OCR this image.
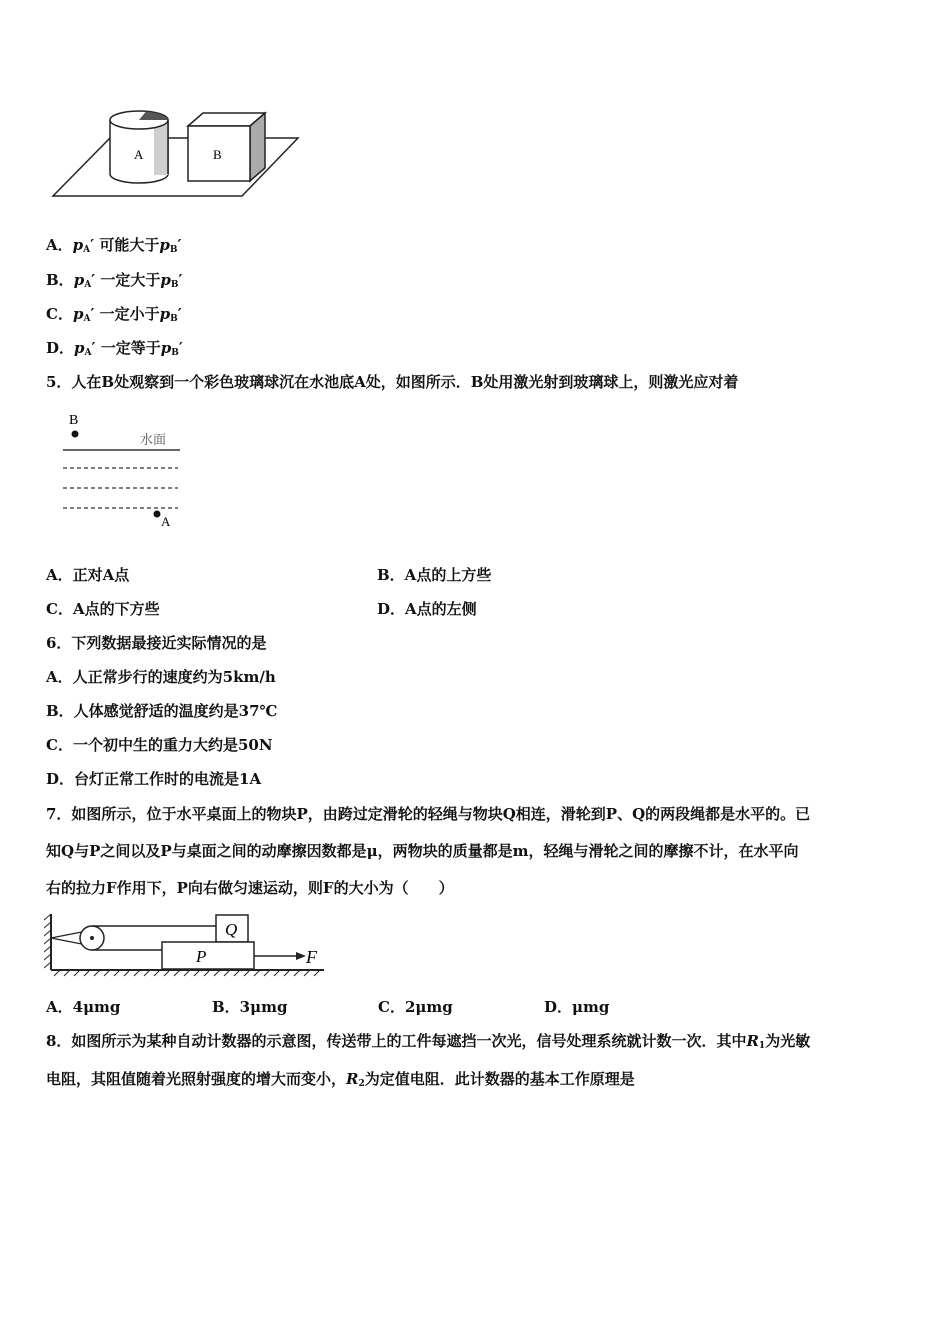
A	B
A．$p_A'$ 可能大于$p_B'$
B．$p_A'$ 一定大于$p_B'$
C．$p_A'$ 一定小于$p_B'$
D．$p_A'$ 一定等于$p_B'$
5．人在B处观察到一个彩色玻璃球沉在水池底A处，如图所示．B处用激光射到玻璃球上，则激光应对着
B
水面
A
A．正对A点	B．A点的上方些
C．A点的下方些	D．A点的左侧
6．下列数据最接近实际情况的是
A．人正常步行的速度约为5km/h
B．人体感觉舒适的温度约是37℃
C．一个初中生的重力大约是50N
D．台灯正常工作时的电流是1A
7．如图所示，位于水平桌面上的物块P，由跨过定滑轮的轻绳与物块Q相连，滑轮到P、Q的两段绳都是水平的。已
知Q与P之间以及P与桌面之间的动摩擦因数都是μ，两物块的质量都是m，轻绳与滑轮之间的摩擦不计，在水平向
右的拉力F作用下，P向右做匀速运动，则F的大小为（　　）
Q
P	F
A．4μmg	B．3μmg	C．2μmg	D．μmg
8．如图所示为某种自动计数器的示意图，传送带上的工件每遮挡一次光，信号处理系统就计数一次．其中$R_1$为光敏
电阻，其阻值随着光照射强度的增大而变小，$R_2$为定值电阻．此计数器的基本工作原理是
